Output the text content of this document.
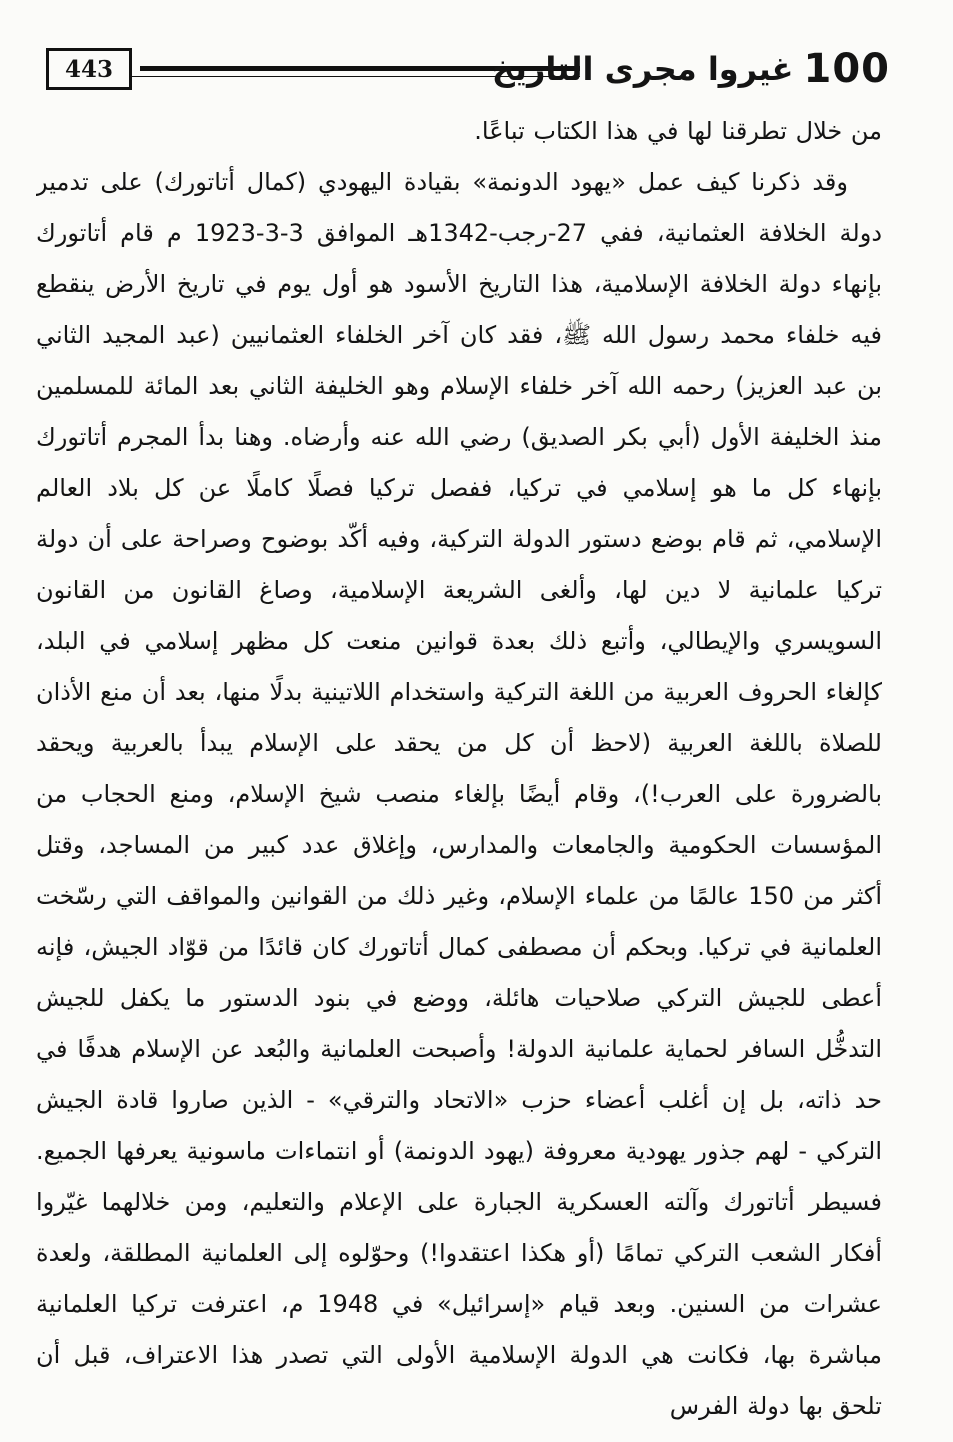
443	100
غيروا مجرى التاريخ

من خلال تطرقنا لها في هذا الكتاب تباعًا.

وقد ذكرنا كيف عمل «يهود الدونمة» بقيادة اليهودي (كمال أتاتورك) على تدمير دولة الخلافة العثمانية، ففي 27-رجب-1342هـ الموافق 3-3-1923 م قام أتاتورك بإنهاء دولة الخلافة الإسلامية، هذا التاريخ الأسود هو أول يوم في تاريخ الأرض ينقطع فيه خلفاء محمد رسول الله ﷺ، فقد كان آخر الخلفاء العثمانيين (عبد المجيد الثاني بن عبد العزيز) رحمه الله آخر خلفاء الإسلام وهو الخليفة الثاني بعد المائة للمسلمين منذ الخليفة الأول (أبي بكر الصديق) رضي الله عنه وأرضاه. وهنا بدأ المجرم أتاتورك بإنهاء كل ما هو إسلامي في تركيا، ففصل تركيا فصلًا كاملًا عن كل بلاد العالم الإسلامي، ثم قام بوضع دستور الدولة التركية، وفيه أكّد بوضوح وصراحة على أن دولة تركيا علمانية لا دين لها، وألغى الشريعة الإسلامية، وصاغ القانون من القانون السويسري والإيطالي، وأتبع ذلك بعدة قوانين منعت كل مظهر إسلامي في البلد، كإلغاء الحروف العربية من اللغة التركية واستخدام اللاتينية بدلًا منها، بعد أن منع الأذان للصلاة باللغة العربية (لاحظ أن كل من يحقد على الإسلام يبدأ بالعربية ويحقد بالضرورة على العرب!)، وقام أيضًا بإلغاء منصب شيخ الإسلام، ومنع الحجاب من المؤسسات الحكومية والجامعات والمدارس، وإغلاق عدد كبير من المساجد، وقتل أكثر من 150 عالمًا من علماء الإسلام، وغير ذلك من القوانين والمواقف التي رسّخت العلمانية في تركيا. وبحكم أن مصطفى كمال أتاتورك كان قائدًا من قوّاد الجيش، فإنه أعطى للجيش التركي صلاحيات هائلة، ووضع في بنود الدستور ما يكفل للجيش التدخُّل السافر لحماية علمانية الدولة! وأصبحت العلمانية والبُعد عن الإسلام هدفًا في حد ذاته، بل إن أغلب أعضاء حزب «الاتحاد والترقي» - الذين صاروا قادة الجيش التركي - لهم جذور يهودية معروفة (يهود الدونمة) أو انتماءات ماسونية يعرفها الجميع. فسيطر أتاتورك وآلته العسكرية الجبارة على الإعلام والتعليم، ومن خلالهما غيّروا أفكار الشعب التركي تمامًا (أو هكذا اعتقدوا!) وحوّلوه إلى العلمانية المطلقة، ولعدة عشرات من السنين. وبعد قيام «إسرائيل» في 1948 م، اعترفت تركيا العلمانية مباشرة بها، فكانت هي الدولة الإسلامية الأولى التي تصدر هذا الاعتراف، قبل أن تلحق بها دولة الفرس
